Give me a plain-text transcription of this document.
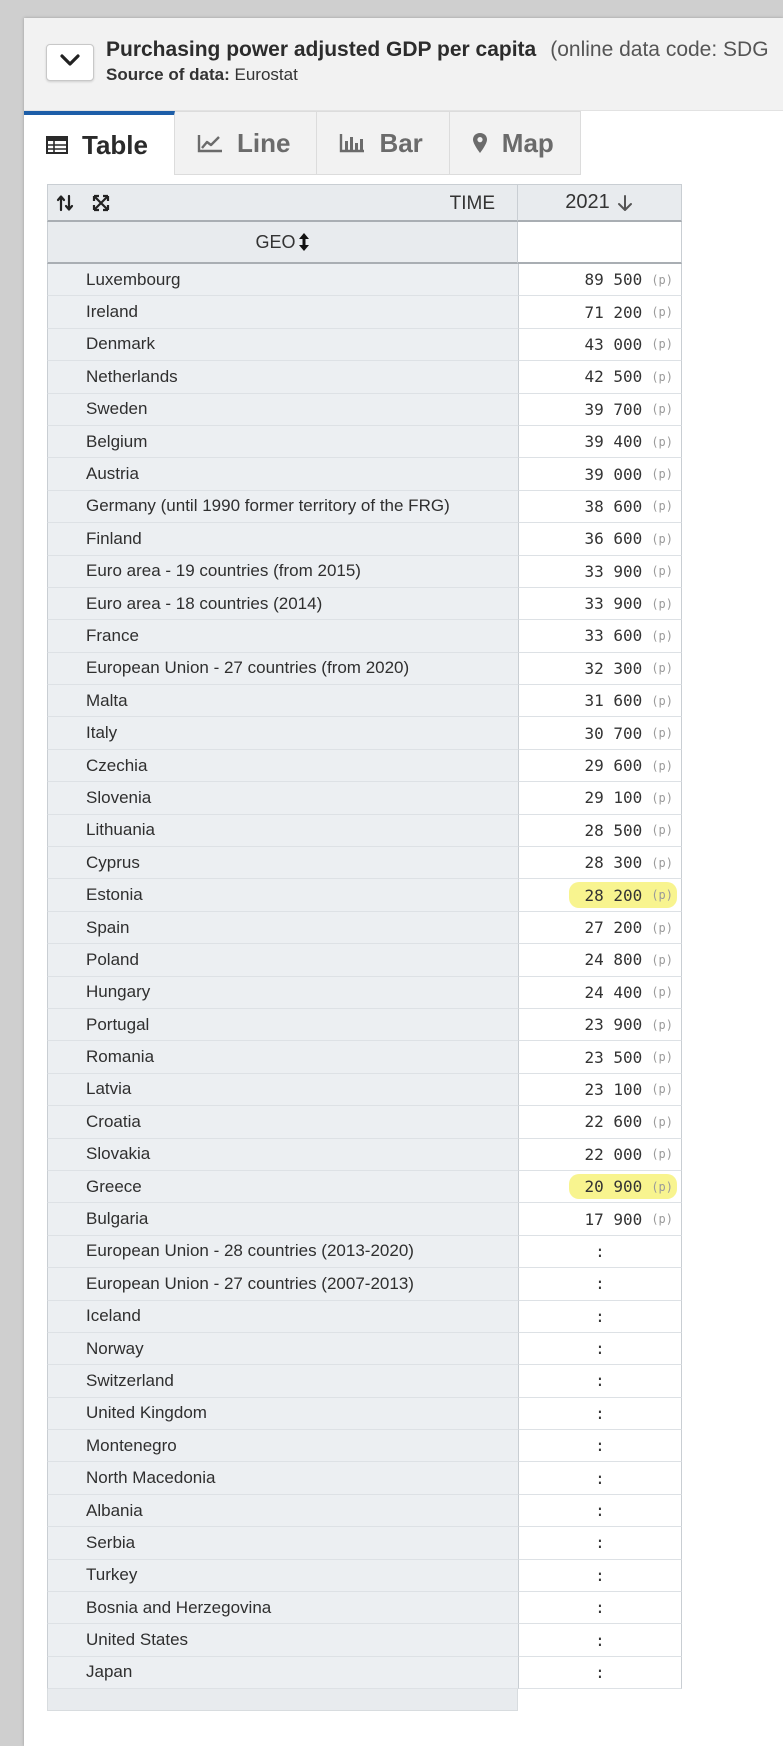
Purchasing power adjusted GDP per capita (online data code: SDG
Source of data: Eurostat
Table	Line	Bar	Map
TIME	2021
GEO
Luxembourg	89 500 (p)
Ireland	71 200 (p)
Denmark	43 000 (p)
Netherlands	42 500 (p)
Sweden	39 700 (p)
Belgium	39 400 (p)
Austria	39 000 (p)
Germany (until 1990 former territory of the FRG)	38 600 (p)
Finland	36 600 (p)
Euro area - 19 countries (from 2015)	33 900 (p)
Euro area - 18 countries (2014)	33 900 (p)
France	33 600 (p)
European Union - 27 countries (from 2020)	32 300 (p)
Malta	31 600 (p)
Italy	30 700 (p)
Czechia	29 600 (p)
Slovenia	29 100 (p)
Lithuania	28 500 (p)
Cyprus	28 300 (p)
Estonia	28 200 (p)
Spain	27 200 (p)
Poland	24 800 (p)
Hungary	24 400 (p)
Portugal	23 900 (p)
Romania	23 500 (p)
Latvia	23 100 (p)
Croatia	22 600 (p)
Slovakia	22 000 (p)
Greece	20 900 (p)
Bulgaria	17 900 (p)
European Union - 28 countries (2013-2020)	:
European Union - 27 countries (2007-2013)	:
Iceland	:
Norway	:
Switzerland	:
United Kingdom	:
Montenegro	:
North Macedonia	:
Albania	:
Serbia	:
Turkey	:
Bosnia and Herzegovina	:
United States	:
Japan	:
